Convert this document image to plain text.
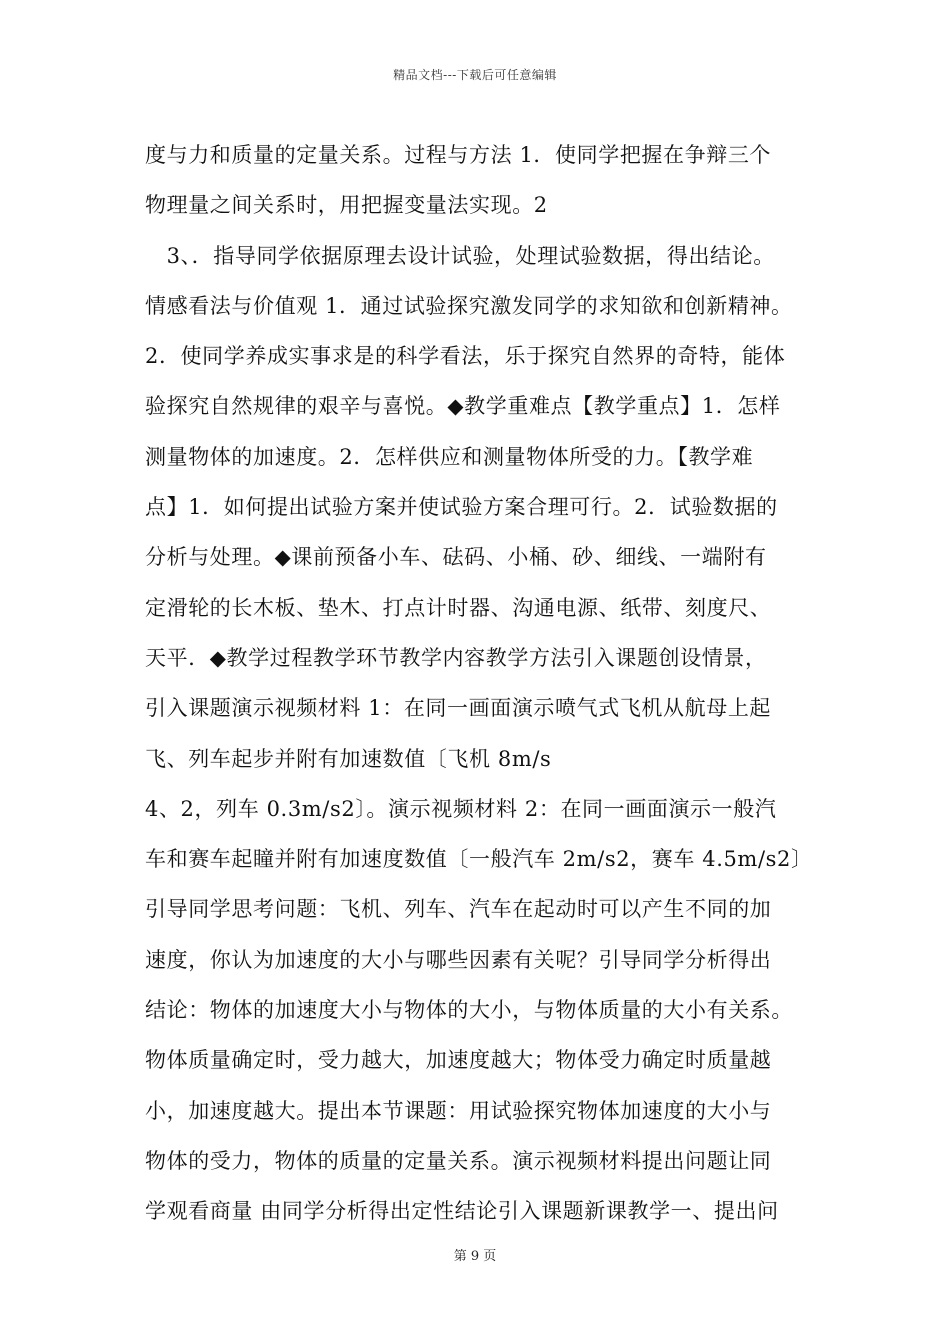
精品文档---下载后可任意编辑
度与力和质量的定量关系。过程与方法 1．使同学把握在争辩三个
物理量之间关系时，用把握变量法实现。2
　3、．指导同学依据原理去设计试验，处理试验数据，得出结论。
情感看法与价值观 1．通过试验探究激发同学的求知欲和创新精神。
2．使同学养成实事求是的科学看法，乐于探究自然界的奇特，能体
验探究自然规律的艰辛与喜悦。◆教学重难点【教学重点】1．怎样
测量物体的加速度。2．怎样供应和测量物体所受的力。【教学难
点】1．如何提出试验方案并使试验方案合理可行。2．试验数据的
分析与处理。◆课前预备小车、砝码、小桶、砂、细线、一端附有
定滑轮的长木板、垫木、打点计时器、沟通电源、纸带、刻度尺、
天平．◆教学过程教学环节教学内容教学方法引入课题创设情景，
引入课题演示视频材料 1：在同一画面演示喷气式飞机从航母上起
飞、列车起步并附有加速数值〔飞机 8m/s
4、2，列车 0.3m/s2〕。演示视频材料 2：在同一画面演示一般汽
车和赛车起瞳并附有加速度数值〔一般汽车 2m/s2，赛车 4.5m/s2〕
引导同学思考问题：飞机、列车、汽车在起动时可以产生不同的加
速度，你认为加速度的大小与哪些因素有关呢？引导同学分析得出
结论：物体的加速度大小与物体的大小，与物体质量的大小有关系。
物体质量确定时，受力越大，加速度越大；物体受力确定时质量越
小，加速度越大。提出本节课题：用试验探究物体加速度的大小与
物体的受力，物体的质量的定量关系。演示视频材料提出问题让同
学观看商量 由同学分析得出定性结论引入课题新课教学一、提出问
第 9 页
